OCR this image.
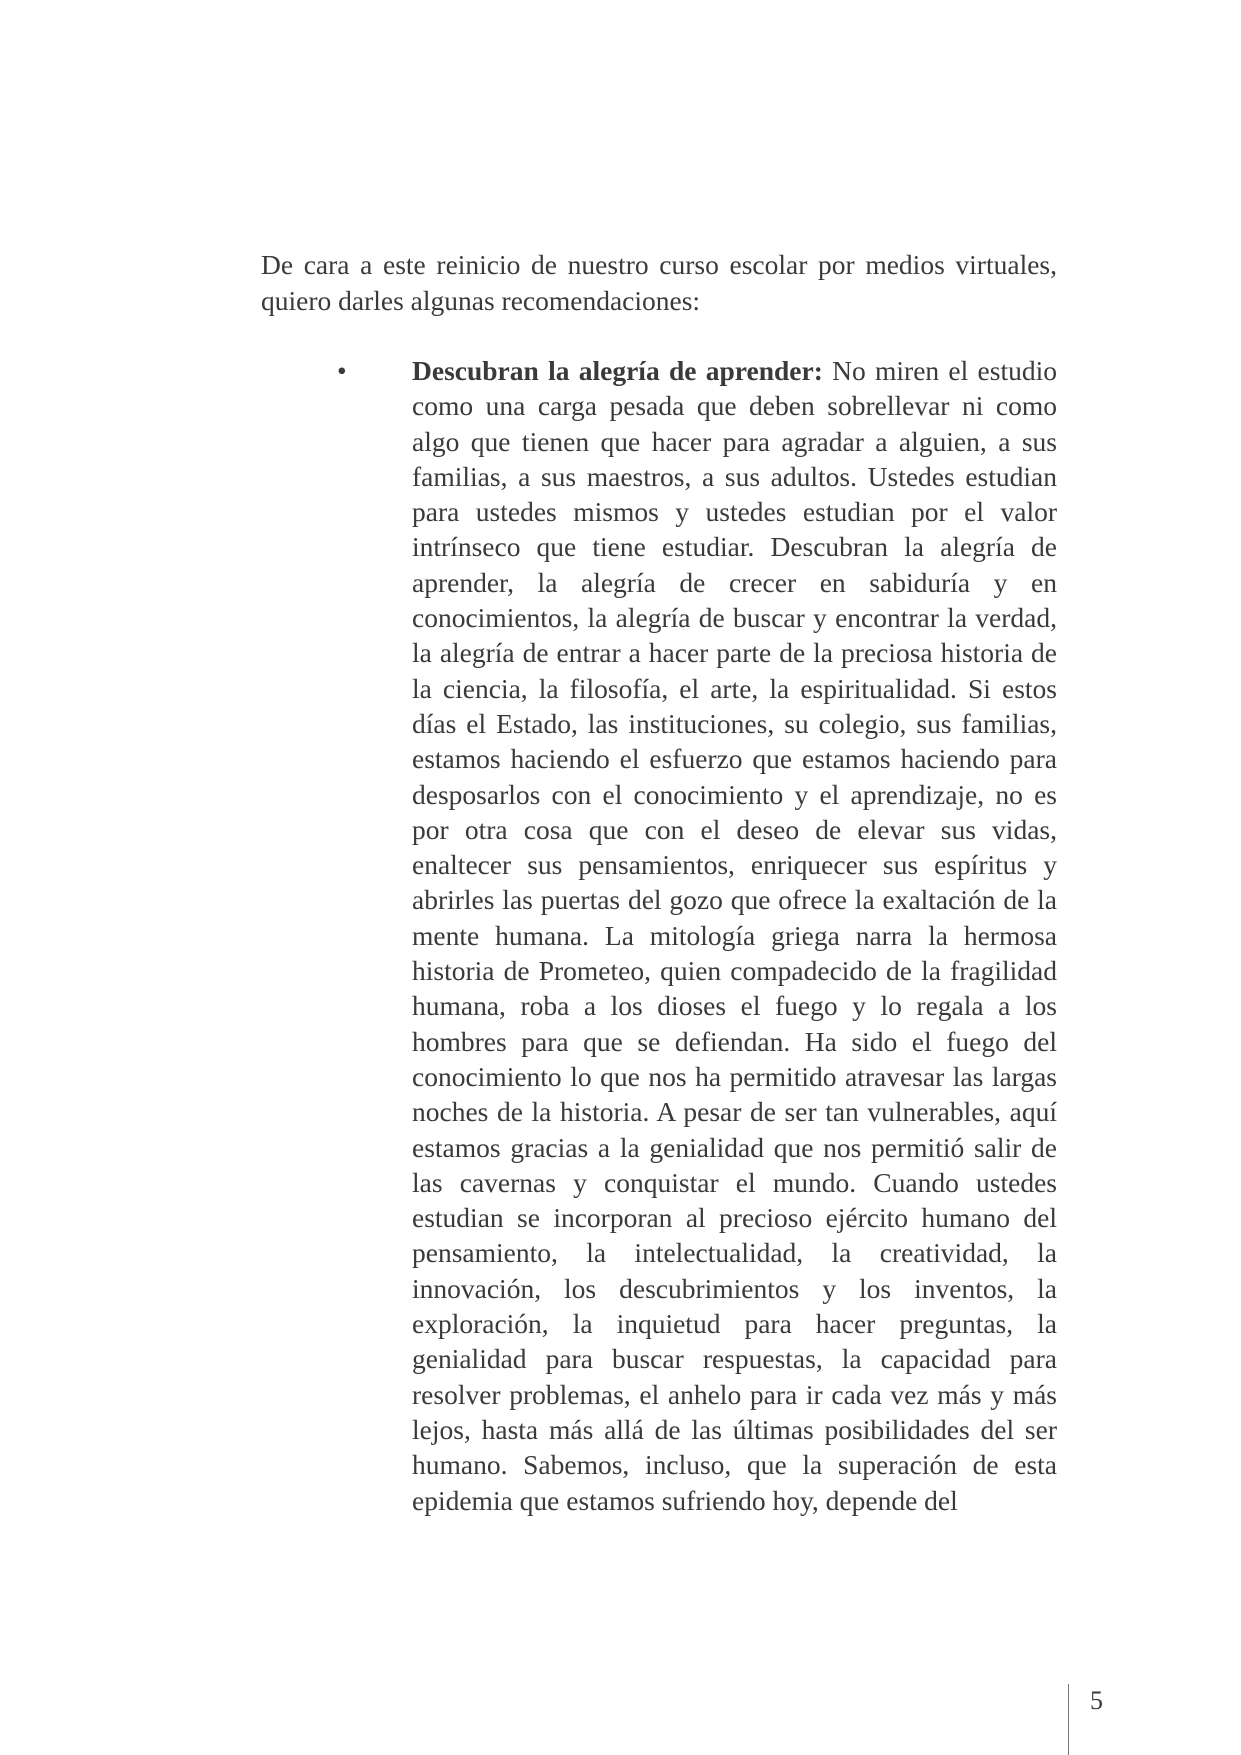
De cara a este reinicio de nuestro curso escolar por medios virtuales, quiero darles algunas recomendaciones:

• Descubran la alegría de aprender: No miren el estudio como una carga pesada que deben sobrellevar ni como algo que tienen que hacer para agradar a alguien, a sus familias, a sus maestros, a sus adultos. Ustedes estudian para ustedes mismos y ustedes estudian por el valor intrínseco que tiene estudiar. Descubran la alegría de aprender, la alegría de crecer en sabiduría y en conocimientos, la alegría de buscar y encontrar la verdad, la alegría de entrar a hacer parte de la preciosa historia de la ciencia, la filosofía, el arte, la espiritualidad. Si estos días el Estado, las instituciones, su colegio, sus familias, estamos haciendo el esfuerzo que estamos haciendo para desposarlos con el conocimiento y el aprendizaje, no es por otra cosa que con el deseo de elevar sus vidas, enaltecer sus pensamientos, enriquecer sus espíritus y abrirles las puertas del gozo que ofrece la exaltación de la mente humana. La mitología griega narra la hermosa historia de Prometeo, quien compadecido de la fragilidad humana, roba a los dioses el fuego y lo regala a los hombres para que se defiendan. Ha sido el fuego del conocimiento lo que nos ha permitido atravesar las largas noches de la historia. A pesar de ser tan vulnerables, aquí estamos gracias a la genialidad que nos permitió salir de las cavernas y conquistar el mundo. Cuando ustedes estudian se incorporan al precioso ejército humano del pensamiento, la intelectualidad, la creatividad, la innovación, los descubrimientos y los inventos, la exploración, la inquietud para hacer preguntas, la genialidad para buscar respuestas, la capacidad para resolver problemas, el anhelo para ir cada vez más y más lejos, hasta más allá de las últimas posibilidades del ser humano. Sabemos, incluso, que la superación de esta epidemia que estamos sufriendo hoy, depende del
5
